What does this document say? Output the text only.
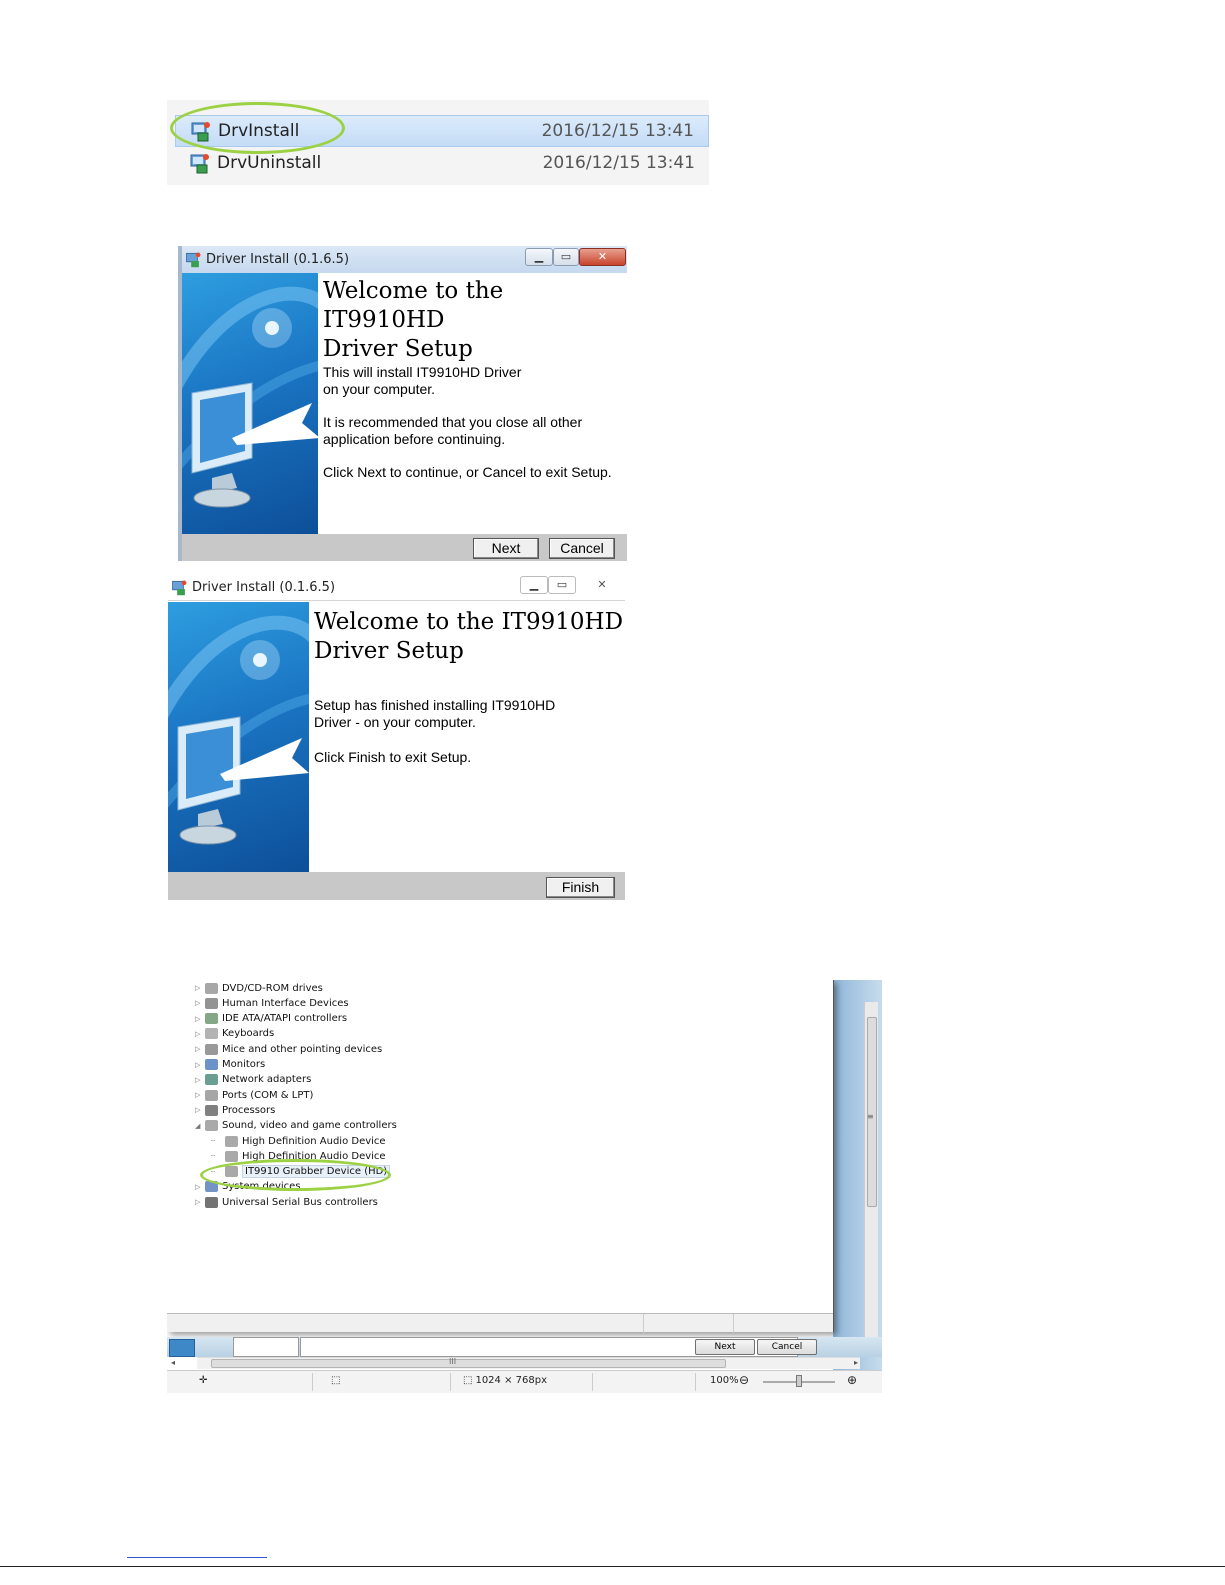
DrvInstall	2016/12/15 13:41
DrvUninstall	2016/12/15 13:41
Driver Install (0.1.6.5)	▁	▭	✕
Welcome to the IT9910HD
Driver Setup
This will install IT9910HD Driver
on your computer.
It is recommended that you close all other
application before continuing.
Click Next to continue, or Cancel to exit Setup.
Next	Cancel
Driver Install (0.1.6.5)	▁	▭	✕
Welcome to the IT9910HD
Driver Setup
Setup has finished installing IT9910HD
Driver - on your computer.
Click Finish to exit Setup.
Finish
▷	DVD/CD-ROM drives
▷	Human Interface Devices
▷	IDE ATA/ATAPI controllers
▷	Keyboards
▷	Mice and other pointing devices
▷	Monitors
▷	Network adapters
▷	Ports (COM & LPT)
▷	Processors
◢	Sound, video and game controllers
┄	High Definition Audio Device
┄	High Definition Audio Device
┄	IT9910 Grabber Device (HD)
▷	System devices
▷	Universal Serial Bus controllers
≡
Next	Cancel
◂	III	▸
✛	⬚	⬚ 1024 × 768px	100% ⊖	⊕
